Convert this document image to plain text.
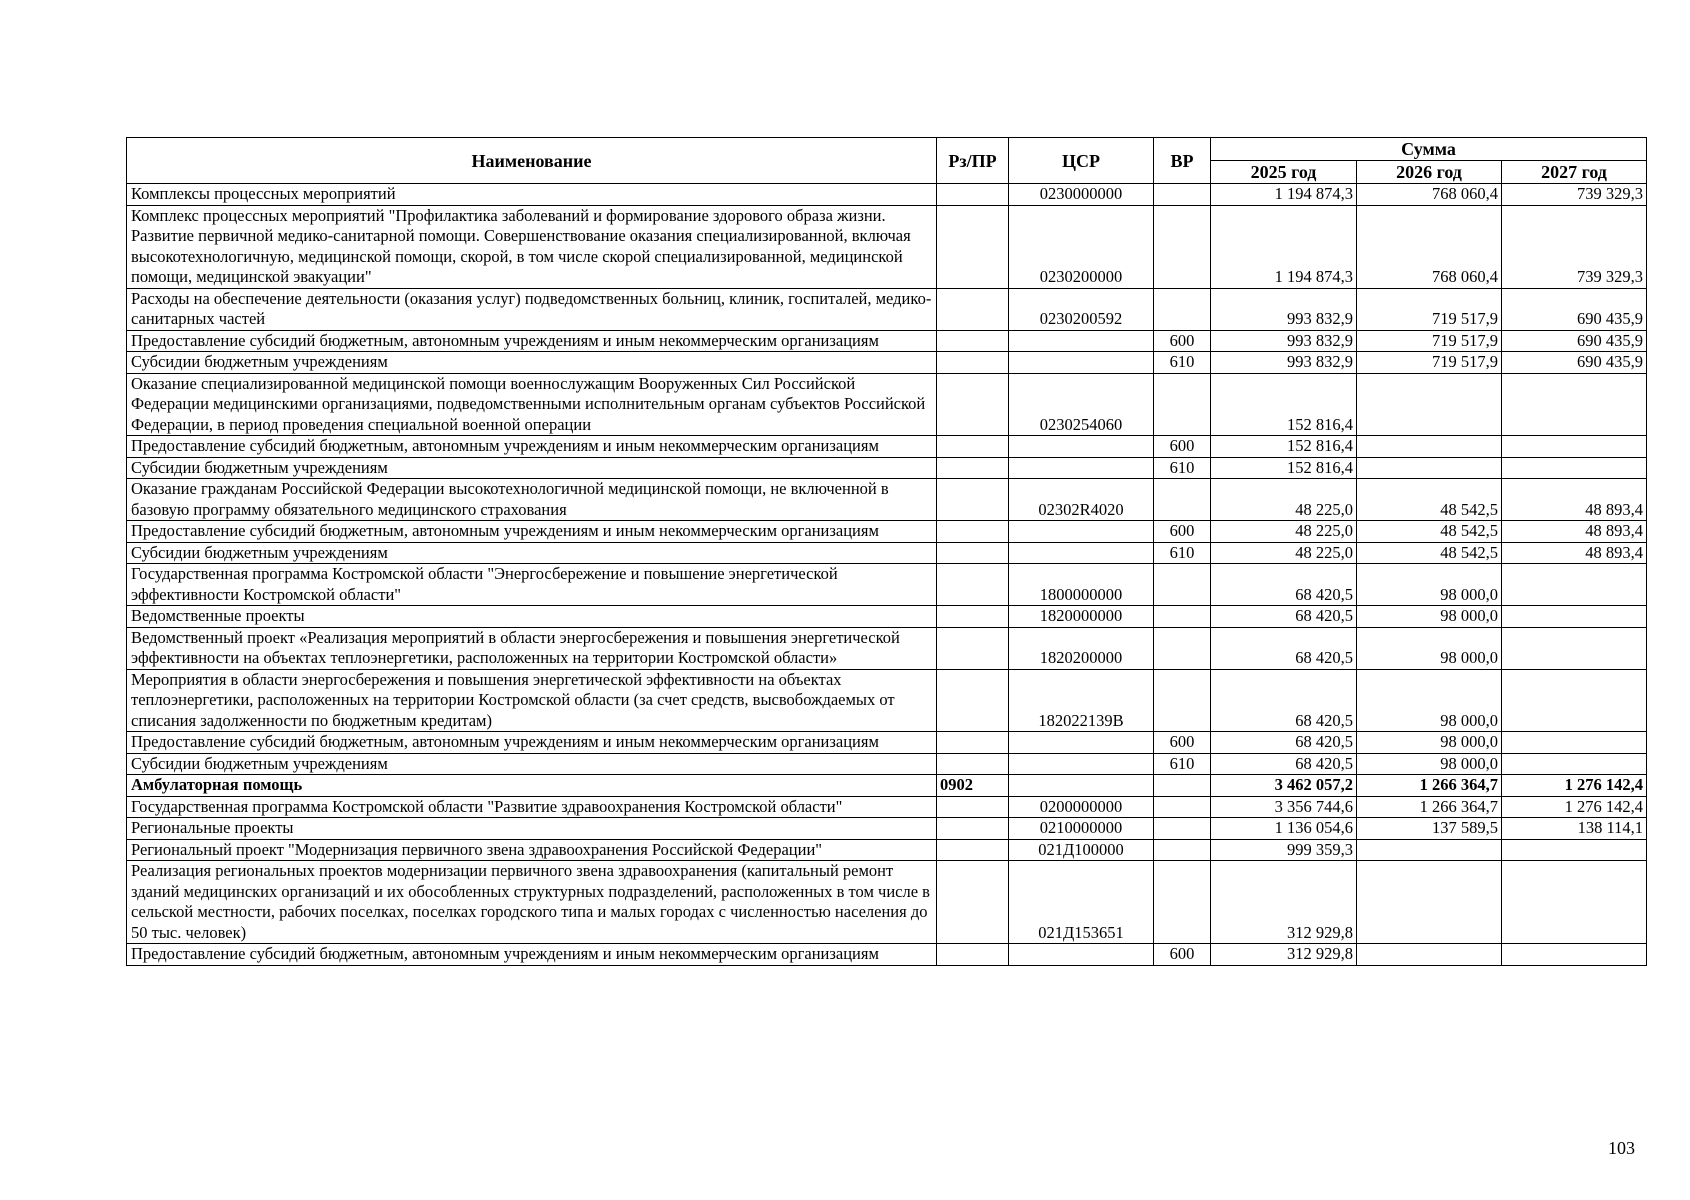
Наименование	Рз/ПР	ЦСР	ВР	Сумма		
				2025 год	2026 год	2027 год
Комплексы процессных мероприятий		0230000000		1 194 874,3	768 060,4	739 329,3
Комплекс процессных мероприятий "Профилактика заболеваний и формирование здорового образа жизни. Развитие первичной медико-санитарной помощи. Совершенствование оказания специализированной, включая высокотехнологичную, медицинской помощи, скорой, в том числе скорой специализированной, медицинской помощи, медицинской эвакуации"		0230200000		1 194 874,3	768 060,4	739 329,3
Расходы на обеспечение деятельности (оказания услуг) подведомственных больниц, клиник, госпиталей, медико-санитарных частей		0230200592		993 832,9	719 517,9	690 435,9
Предоставление субсидий бюджетным, автономным учреждениям и иным некоммерческим организациям			600	993 832,9	719 517,9	690 435,9
Субсидии бюджетным учреждениям			610	993 832,9	719 517,9	690 435,9
Оказание специализированной медицинской помощи военнослужащим Вооруженных Сил Российской Федерации медицинскими организациями, подведомственными исполнительным органам субъектов Российской Федерации, в период проведения специальной военной операции		0230254060		152 816,4		
Предоставление субсидий бюджетным, автономным учреждениям и иным некоммерческим организациям			600	152 816,4		
Субсидии бюджетным учреждениям			610	152 816,4		
Оказание гражданам Российской Федерации высокотехнологичной медицинской помощи, не включенной в базовую программу обязательного медицинского страхования		02302R4020		48 225,0	48 542,5	48 893,4
Предоставление субсидий бюджетным, автономным учреждениям и иным некоммерческим организациям			600	48 225,0	48 542,5	48 893,4
Субсидии бюджетным учреждениям			610	48 225,0	48 542,5	48 893,4
Государственная программа Костромской области "Энергосбережение и повышение энергетической эффективности Костромской области"		1800000000		68 420,5	98 000,0	
Ведомственные проекты		1820000000		68 420,5	98 000,0	
Ведомственный проект «Реализация мероприятий в области энергосбережения и повышения энергетической эффективности на объектах теплоэнергетики, расположенных на территории Костромской области»		1820200000		68 420,5	98 000,0	
Мероприятия в области энергосбережения и повышения энергетической эффективности на объектах теплоэнергетики, расположенных на территории Костромской области (за счет средств, высвобождаемых от списания задолженности по бюджетным кредитам)		182022139В		68 420,5	98 000,0	
Предоставление субсидий бюджетным, автономным учреждениям и иным некоммерческим организациям			600	68 420,5	98 000,0	
Субсидии бюджетным учреждениям			610	68 420,5	98 000,0	
Амбулаторная помощь	0902			3 462 057,2	1 266 364,7	1 276 142,4
Государственная программа Костромской области "Развитие здравоохранения Костромской области"		0200000000		3 356 744,6	1 266 364,7	1 276 142,4
Региональные проекты		0210000000		1 136 054,6	137 589,5	138 114,1
Региональный проект "Модернизация первичного звена здравоохранения Российской Федерации"		021Д100000		999 359,3		
Реализация региональных проектов модернизации первичного звена здравоохранения (капитальный ремонт зданий медицинских организаций и их обособленных структурных подразделений, расположенных в том числе в сельской местности, рабочих поселках, поселках городского типа и малых городах с численностью населения до 50 тыс. человек)		021Д153651		312 929,8		
Предоставление субсидий бюджетным, автономным учреждениям и иным некоммерческим организациям			600	312 929,8		
103
